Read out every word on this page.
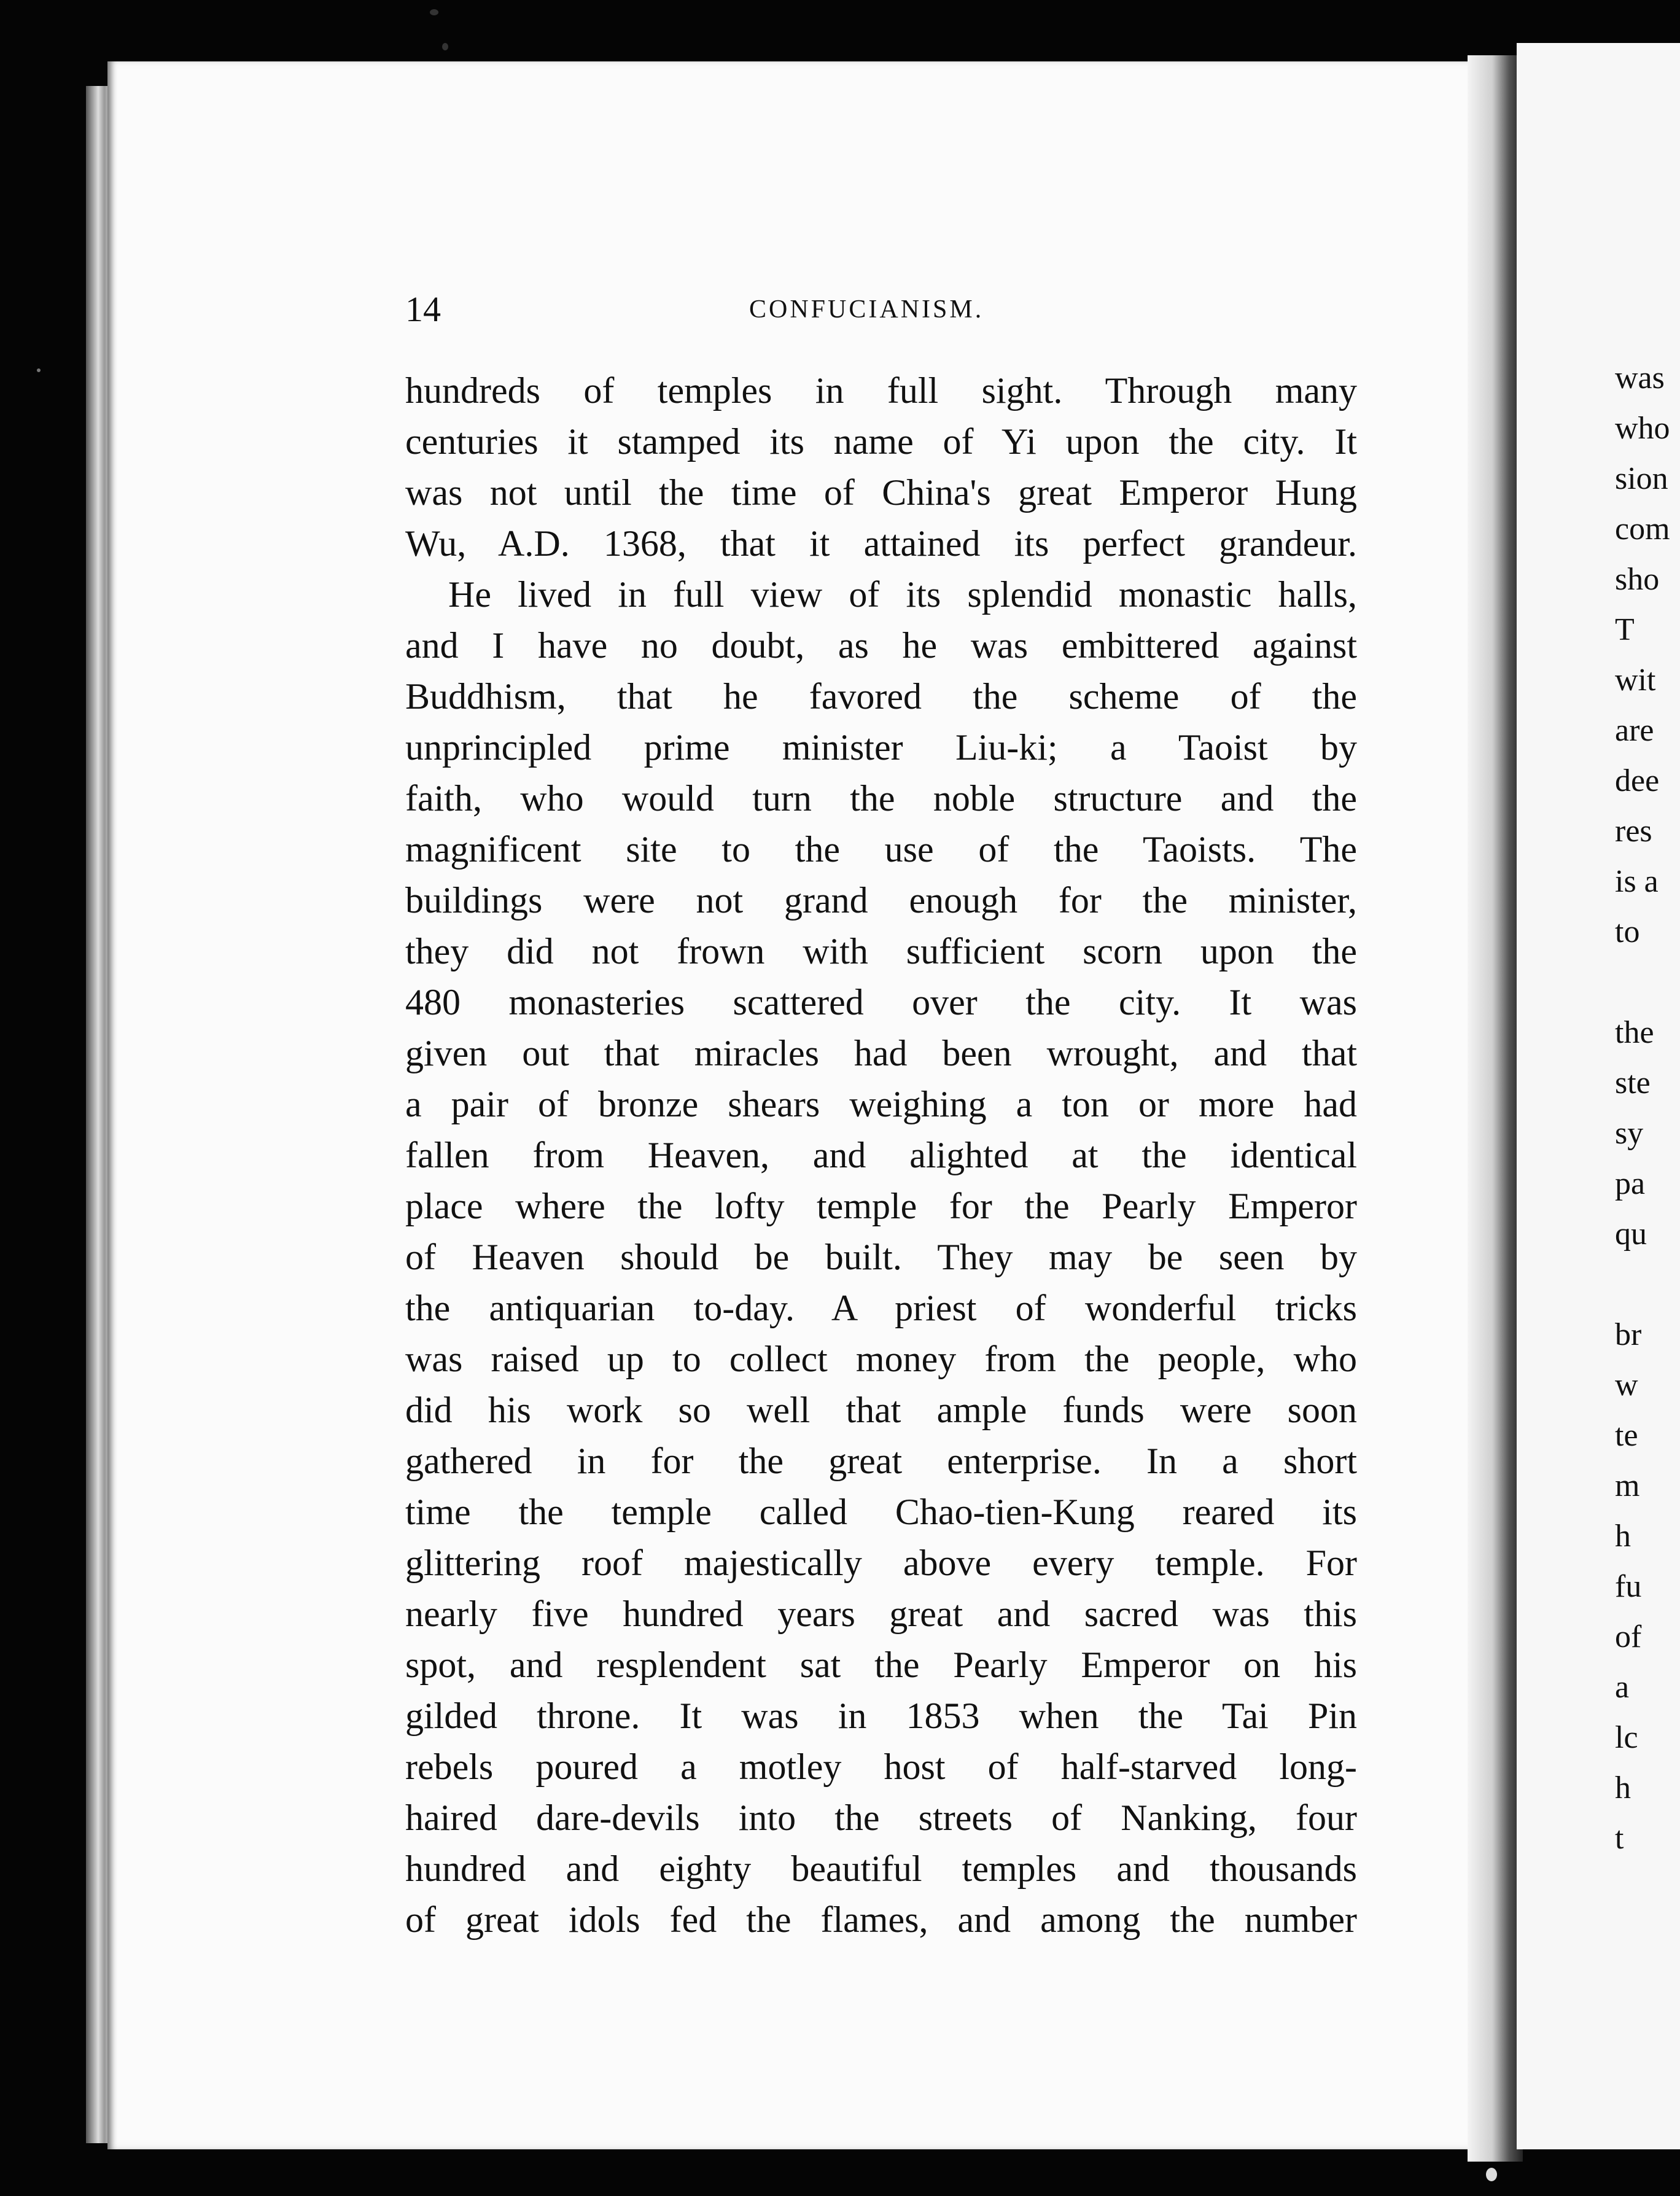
14	CONFUCIANISM.
hundreds of temples in full sight. Through many
centuries it stamped its name of Yi upon the city. It
was not until the time of China's great Emperor Hung
Wu, A.D. 1368, that it attained its perfect grandeur.
He lived in full view of its splendid monastic halls,
and I have no doubt, as he was embittered against
Buddhism, that he favored the scheme of the
unprincipled prime minister Liu-ki; a Taoist by
faith, who would turn the noble structure and the
magnificent site to the use of the Taoists. The
buildings were not grand enough for the minister,
they did not frown with sufficient scorn upon the
480 monasteries scattered over the city. It was
given out that miracles had been wrought, and that
a pair of bronze shears weighing a ton or more had
fallen from Heaven, and alighted at the identical
place where the lofty temple for the Pearly Emperor
of Heaven should be built. They may be seen by
the antiquarian to-day. A priest of wonderful tricks
was raised up to collect money from the people, who
did his work so well that ample funds were soon
gathered in for the great enterprise. In a short
time the temple called Chao-tien-Kung reared its
glittering roof majestically above every temple. For
nearly five hundred years great and sacred was this
spot, and resplendent sat the Pearly Emperor on his
gilded throne. It was in 1853 when the Tai Pin
rebels poured a motley host of half-starved long-
haired dare-devils into the streets of Nanking, four
hundred and eighty beautiful temples and thousands
of great idols fed the flames, and among the number
was
who
sion
com
sho
T
wit
are
dee
res
is a
to
the
ste
sy
pa
qu
br
w
te
m
h
fu
of
a
lc
h
t
